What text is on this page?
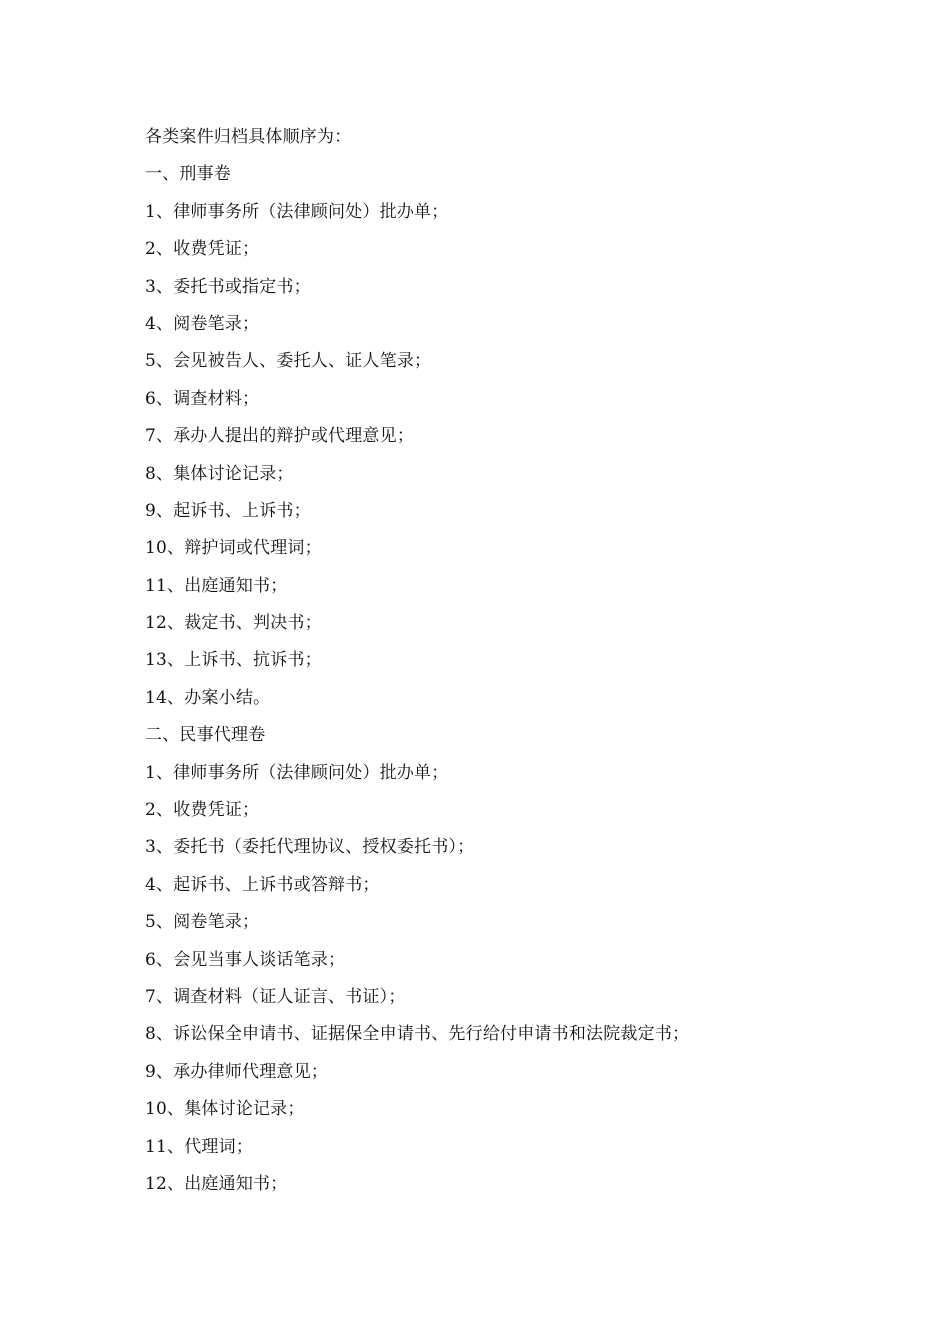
各类案件归档具体顺序为：
一、刑事卷
1、律师事务所（法律顾问处）批办单；
2、收费凭证；
3、委托书或指定书；
4、阅卷笔录；
5、会见被告人、委托人、证人笔录；
6、调查材料；
7、承办人提出的辩护或代理意见；
8、集体讨论记录；
9、起诉书、上诉书；
10、辩护词或代理词；
11、出庭通知书；
12、裁定书、判决书；
13、上诉书、抗诉书；
14、办案小结。
二、民事代理卷
1、律师事务所（法律顾问处）批办单；
2、收费凭证；
3、委托书（委托代理协议、授权委托书）；
4、起诉书、上诉书或答辩书；
5、阅卷笔录；
6、会见当事人谈话笔录；
7、调查材料（证人证言、书证）；
8、诉讼保全申请书、证据保全申请书、先行给付申请书和法院裁定书；
9、承办律师代理意见；
10、集体讨论记录；
11、代理词；
12、出庭通知书；
